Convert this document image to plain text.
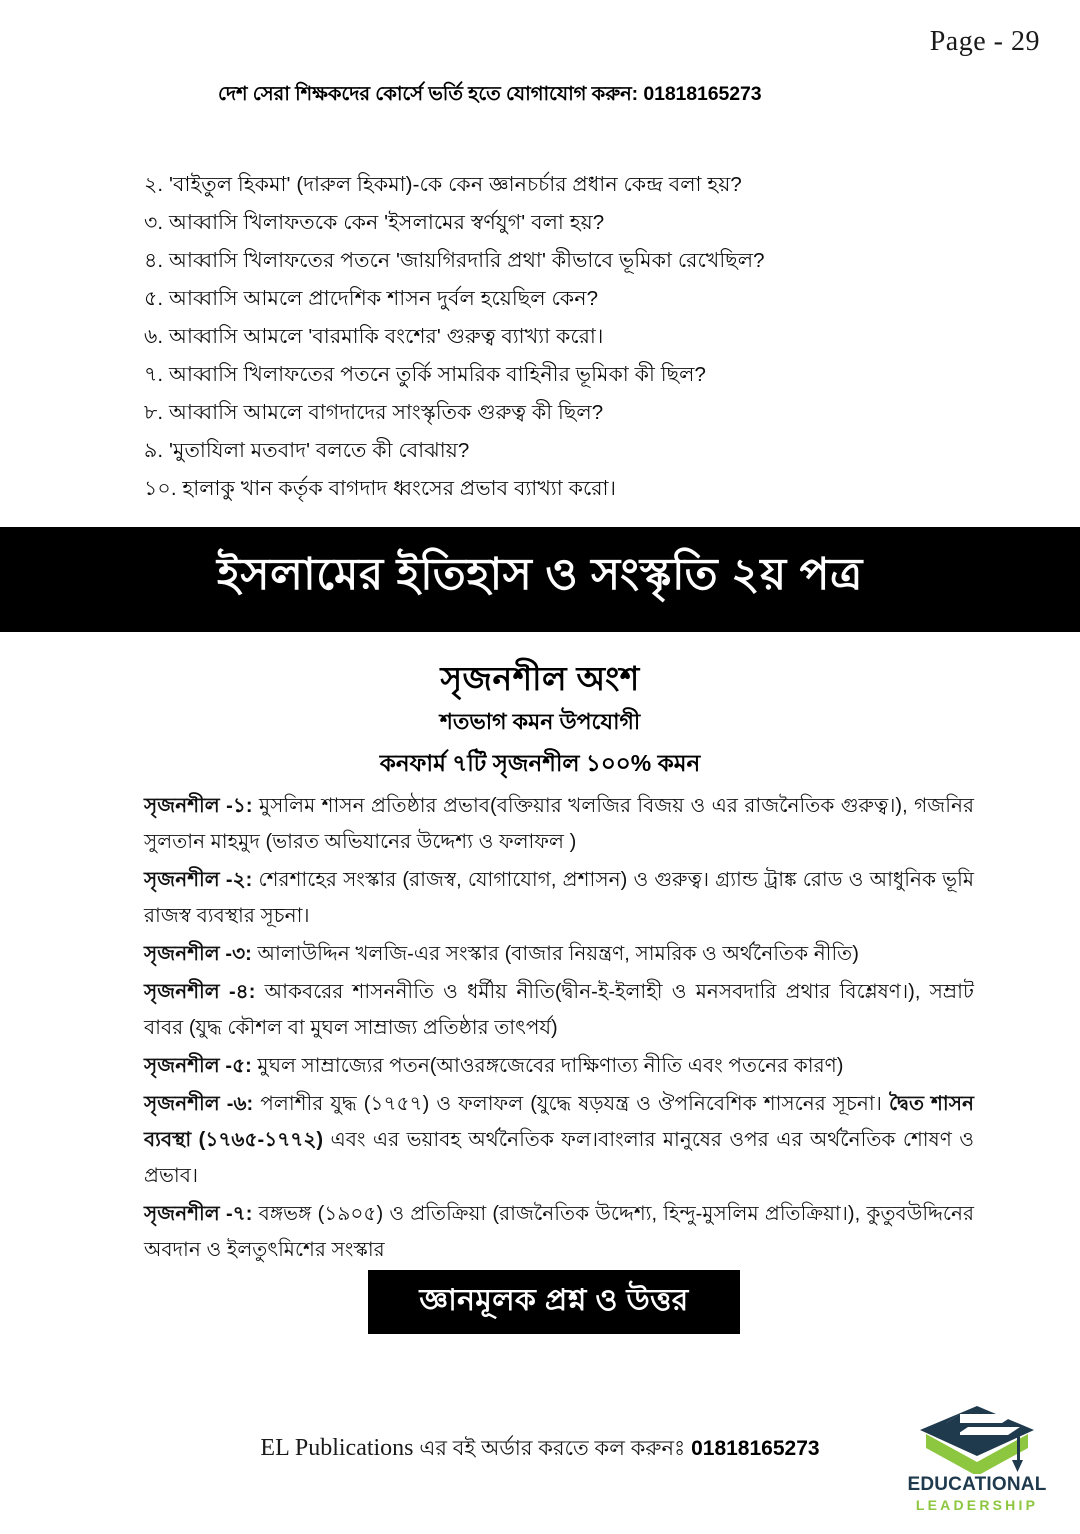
Page - 29
দেশ সেরা শিক্ষকদের কোর্সে ভর্তি হতে যোগাযোগ করুন: 01818165273
২. 'বাইতুল হিকমা' (দারুল হিকমা)-কে কেন জ্ঞানচর্চার প্রধান কেন্দ্র বলা হয়?
৩. আব্বাসি খিলাফতকে কেন 'ইসলামের স্বর্ণযুগ' বলা হয়?
৪. আব্বাসি খিলাফতের পতনে 'জায়গিরদারি প্রথা' কীভাবে ভূমিকা রেখেছিল?
৫. আব্বাসি আমলে প্রাদেশিক শাসন দুর্বল হয়েছিল কেন?
৬. আব্বাসি আমলে 'বারমাকি বংশের' গুরুত্ব ব্যাখ্যা করো।
৭. আব্বাসি খিলাফতের পতনে তুর্কি সামরিক বাহিনীর ভূমিকা কী ছিল?
৮. আব্বাসি আমলে বাগদাদের সাংস্কৃতিক গুরুত্ব কী ছিল?
৯. 'মুতাযিলা মতবাদ' বলতে কী বোঝায়?
১০. হালাকু খান কর্তৃক বাগদাদ ধ্বংসের প্রভাব ব্যাখ্যা করো।
ইসলামের ইতিহাস ও সংস্কৃতি ২য় পত্র
সৃজনশীল অংশ
শতভাগ কমন উপযোগী
কনফার্ম ৭টি সৃজনশীল ১০০% কমন

সৃজনশীল -১: মুসলিম শাসন প্রতিষ্ঠার প্রভাব(বক্তিয়ার খলজির বিজয় ও এর রাজনৈতিক গুরুত্ব।), গজনির সুলতান মাহমুদ (ভারত অভিযানের উদ্দেশ্য ও ফলাফল )

সৃজনশীল -২: শেরশাহের সংস্কার (রাজস্ব, যোগাযোগ, প্রশাসন) ও গুরুত্ব। গ্র্যান্ড ট্রাঙ্ক রোড ও আধুনিক ভূমি রাজস্ব ব্যবস্থার সূচনা।

সৃজনশীল -৩: আলাউদ্দিন খলজি-এর সংস্কার (বাজার নিয়ন্ত্রণ, সামরিক ও অর্থনৈতিক নীতি)

সৃজনশীল -৪: আকবরের শাসননীতি ও ধর্মীয় নীতি(দ্বীন-ই-ইলাহী ও মনসবদারি প্রথার বিশ্লেষণ।), সম্রাট বাবর (যুদ্ধ কৌশল বা মুঘল সাম্রাজ্য প্রতিষ্ঠার তাৎপর্য)

সৃজনশীল -৫: মুঘল সাম্রাজ্যের পতন(আওরঙ্গজেবের দাক্ষিণাত্য নীতি এবং পতনের কারণ)

সৃজনশীল -৬: পলাশীর যুদ্ধ (১৭৫৭) ও ফলাফল (যুদ্ধে ষড়যন্ত্র ও ঔপনিবেশিক শাসনের সূচনা। দ্বৈত শাসন ব্যবস্থা (১৭৬৫-১৭৭২) এবং এর ভয়াবহ অর্থনৈতিক ফল।বাংলার মানুষের ওপর এর অর্থনৈতিক শোষণ ও প্রভাব।

সৃজনশীল -৭: বঙ্গভঙ্গ (১৯০৫) ও প্রতিক্রিয়া (রাজনৈতিক উদ্দেশ্য, হিন্দু-মুসলিম প্রতিক্রিয়া।), কুতুবউদ্দিনের অবদান ও ইলতুৎমিশের সংস্কার

জ্ঞানমূলক প্রশ্ন ও উত্তর
EL Publications এর বই অর্ডার করতে কল করুনঃ 01818165273
EDUCATIONAL
LEADERSHIP
